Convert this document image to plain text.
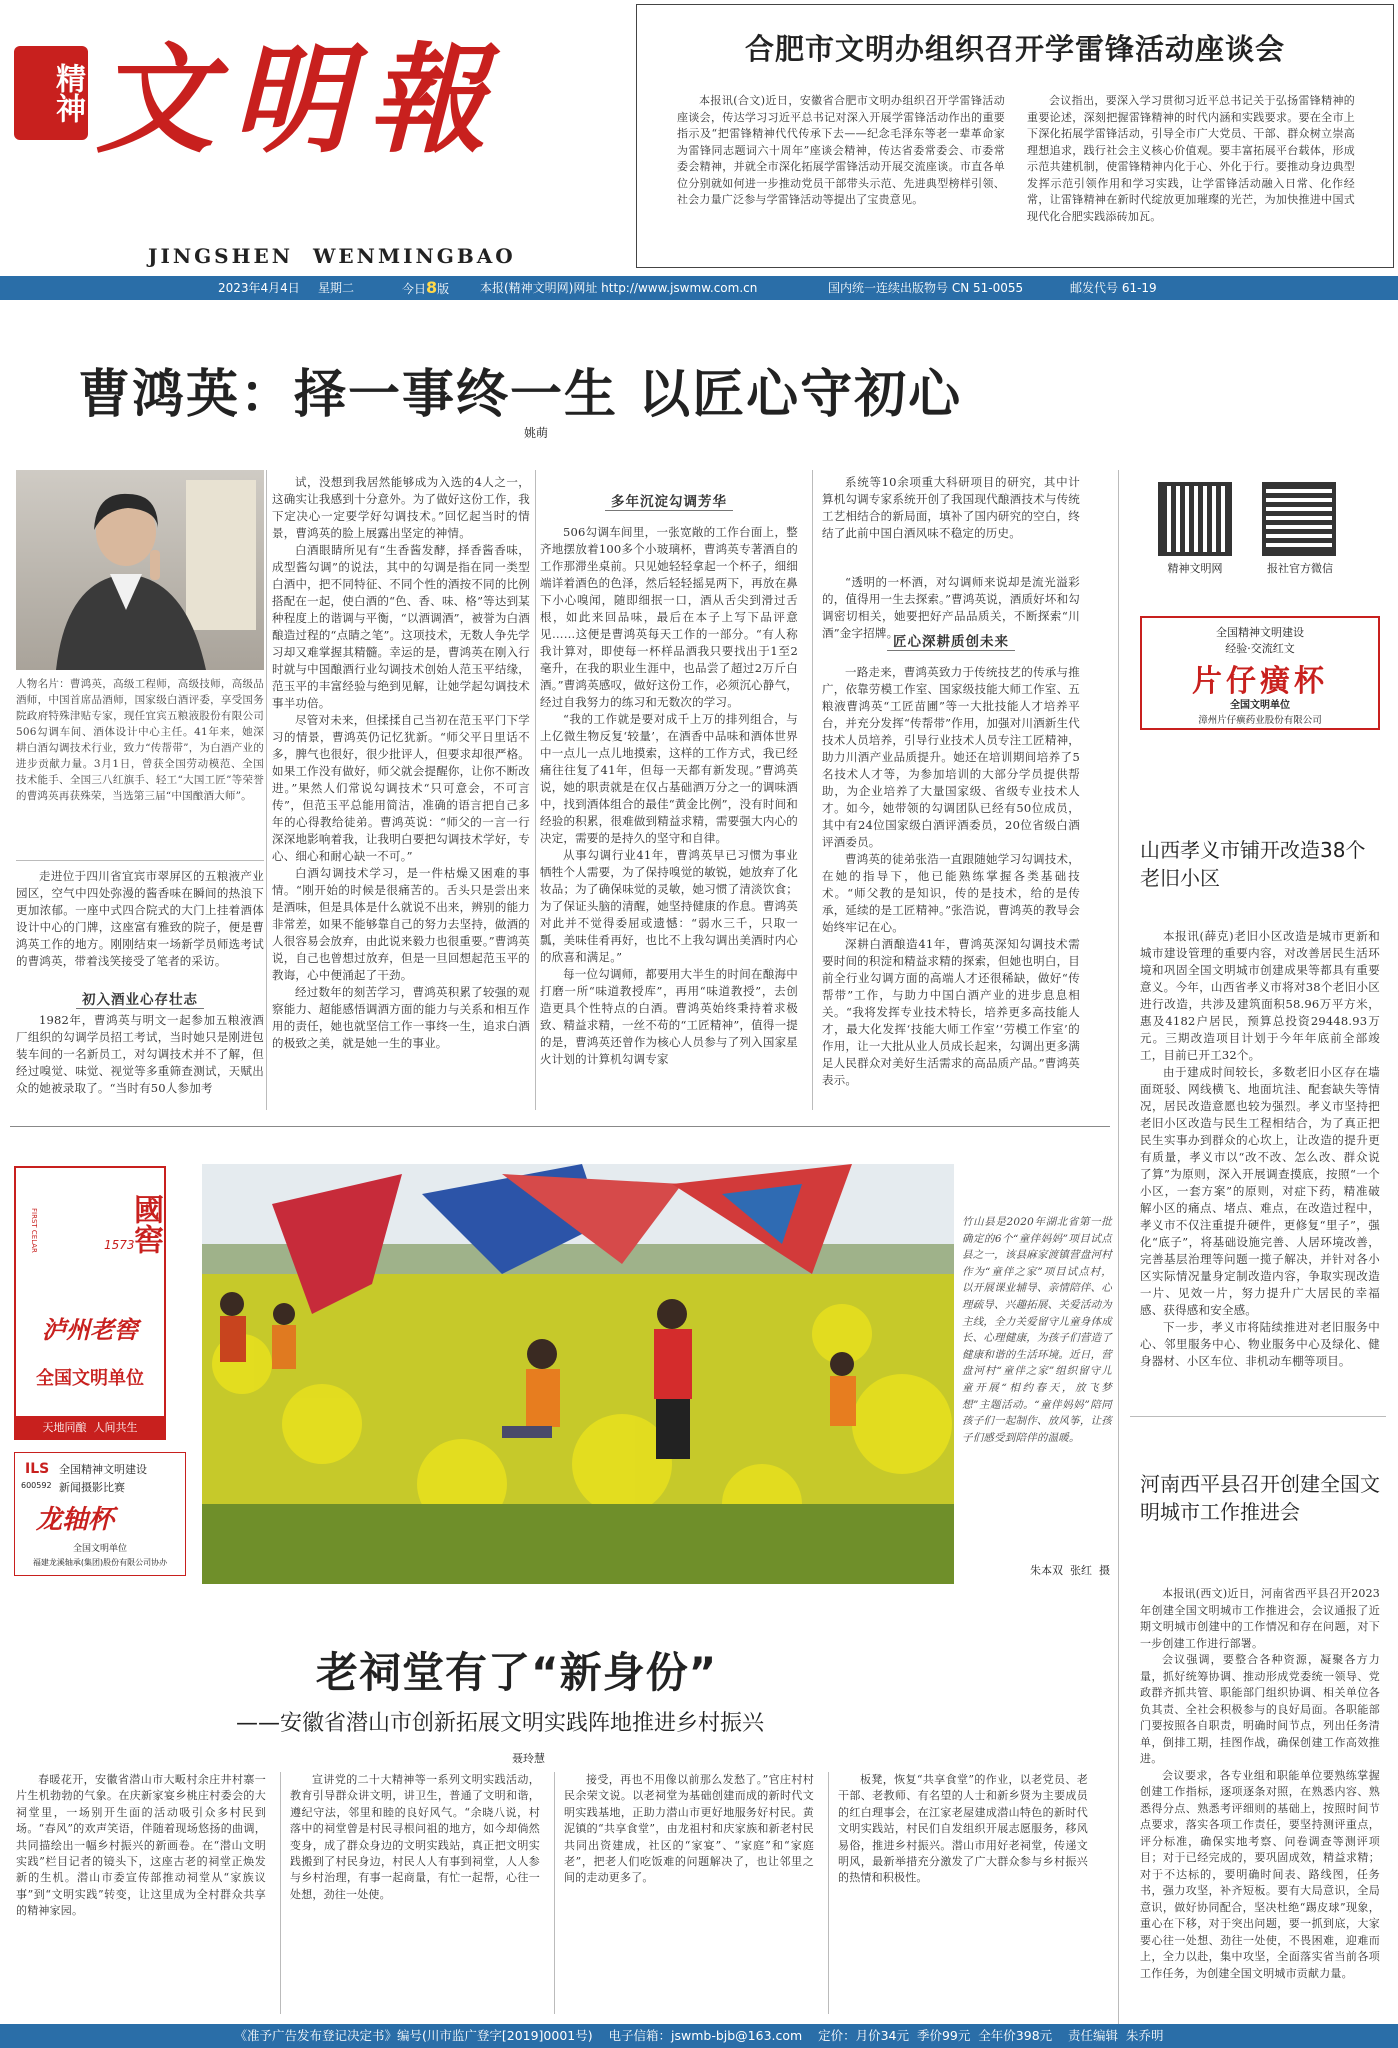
精神 文明報
JINGSHEN  WENMINGBAO
合肥市文明办组织召开学雷锋活动座谈会

本报讯(合文)近日，安徽省合肥市文明办组织召开学雷锋活动座谈会，传达学习习近平总书记对深入开展学雷锋活动作出的重要指示及“把雷锋精神代代传承下去——纪念毛泽东等老一辈革命家为雷锋同志题词六十周年”座谈会精神，传达省委常委会、市委常委会精神，并就全市深化拓展学雷锋活动开展交流座谈。市直各单位分别就如何进一步推动党员干部带头示范、先进典型榜样引领、社会力量广泛参与学雷锋活动等提出了宝贵意见。

会议指出，要深入学习贯彻习近平总书记关于弘扬雷锋精神的重要论述，深刻把握雷锋精神的时代内涵和实践要求。要在全市上下深化拓展学雷锋活动，引导全市广大党员、干部、群众树立崇高理想追求，践行社会主义核心价值观。要丰富拓展平台载体，形成示范共建机制，使雷锋精神内化于心、外化于行。要推动身边典型发挥示范引领作用和学习实践，让学雷锋活动融入日常、化作经常，让雷锋精神在新时代绽放更加璀璨的光芒，为加快推进中国式现代化合肥实践添砖加瓦。

2023年4月4日 星期二	今日8版	本报(精神文明网)网址 http://www.jswmw.com.cn	国内统一连续出版物号 CN 51-0055	邮发代号 61-19
曹鸿英：择一事终一生 以匠心守初心
姚萌
人物名片：曹鸿英，高级工程师，高级技师，高级品酒师，中国首席品酒师，国家级白酒评委，享受国务院政府特殊津贴专家，现任宜宾五粮液股份有限公司506勾调车间、酒体设计中心主任。41年来，她深耕白酒勾调技术行业，致力“传帮带”，为白酒产业的进步贡献力量。3月1日，曾获全国劳动模范、全国技术能手、全国三八红旗手、轻工“大国工匠”等荣誉的曹鸿英再获殊荣，当选第三届“中国酿酒大师”。

走进位于四川省宜宾市翠屏区的五粮液产业园区，空气中四处弥漫的酱香味在瞬间的热浪下更加浓郁。一座中式四合院式的大门上挂着酒体设计中心的门牌，这座富有雅致的院子，便是曹鸿英工作的地方。刚刚结束一场新学员师选考试的曹鸿英，带着浅笑接受了笔者的采访。

初入酒业心存壮志

1982年，曹鸿英与明文一起参加五粮液酒厂组织的勾调学员招工考试，当时她只是刚进包装车间的一名新员工，对勾调技术并不了解，但经过嗅觉、味觉、视觉等多重筛查测试，天赋出众的她被录取了。“当时有50人参加考

试，没想到我居然能够成为入选的4人之一，这确实让我感到十分意外。为了做好这份工作，我下定决心一定要学好勾调技术。”回忆起当时的情景，曹鸿英的脸上展露出坚定的神情。

白酒眼睛所见有“生香酱发酵，择香酱香味，成型酱勾调”的说法，其中的勾调是指在同一类型白酒中，把不同特征、不同个性的酒按不同的比例搭配在一起，使白酒的“色、香、味、格”等达到某种程度上的谐调与平衡，“以酒调酒”，被誉为白酒酿造过程的“点睛之笔”。这项技术，无数人争先学习却又难掌握其精髓。幸运的是，曹鸿英在刚入行时就与中国酿酒行业勾调技术创始人范玉平结缘，范玉平的丰富经验与绝到见解，让她学起勾调技术事半功倍。

尽管对未来，但揉揉自己当初在范玉平门下学习的情景，曹鸿英仍记忆犹新。“师父平日里话不多，脾气也很好，很少批评人，但要求却很严格。如果工作没有做好，师父就会提醒你，让你不断改进。”果然人们常说勾调技术“只可意会，不可言传”，但范玉平总能用简洁，准确的语言把自己多年的心得教给徒弟。曹鸿英说：“师父的一言一行深深地影响着我，让我明白要把勾调技术学好，专心、细心和耐心缺一不可。”

白酒勾调技术学习，是一件枯燥又困难的事情。“刚开始的时候是很痛苦的。舌头只是尝出来是酒味，但是具体是什么就说不出来，辨别的能力非常差，如果不能够靠自己的努力去坚持，做酒的人很容易会放弃，由此说来毅力也很重要。”曹鸿英说，自己也曾想过放弃，但是一旦回想起范玉平的教诲，心中便涌起了干劲。

经过数年的刻苦学习，曹鸿英积累了较强的观察能力、超能感悟调酒方面的能力与关系和相互作用的责任，她也就坚信工作一事终一生，追求白酒的极致之美，就是她一生的事业。

多年沉淀勾调芳华

506勾调车间里，一张宽敞的工作台面上，整齐地摆放着100多个小玻璃杯，曹鸿英专著酒自的工作那滞坐桌前。只见她轻轻拿起一个杯子，细细端详着酒色的色泽，然后轻轻摇晃两下，再放在鼻下小心嗅闻，随即细抿一口，酒从舌尖到滑过舌根，如此来回品味，最后在本子上写下品评意见……这便是曹鸿英每天工作的一部分。“有人称我计算对，即使每一杯样品酒我只要找出于1至2毫升，在我的职业生涯中，也品尝了超过2万斤白酒。”曹鸿英感叹，做好这份工作，必须沉心静气，经过自我努力的练习和无数次的学习。

“我的工作就是要对成千上万的排列组合，与上亿微生物反复‘较量’，在酒香中品味和酒体世界中一点儿一点儿地摸索，这样的工作方式，我已经痛往往复了41年，但每一天都有新发现。”曹鸿英说，她的职责就是在仅占基础酒万分之一的调味酒中，找到酒体组合的最佳“黄金比例”，没有时间和经验的积累，很难做到精益求精，需要强大内心的决定，需要的是持久的坚守和自律。

从事勾调行业41年，曹鸿英早已习惯为事业牺牲个人需要，为了保持嗅觉的敏锐，她放弃了化妆品；为了确保味觉的灵敏，她习惯了清淡饮食；为了保证头脑的清醒，她坚持健康的作息。曹鸿英对此并不觉得委屈或遗憾：“弱水三千，只取一瓢，美味佳肴再好，也比不上我勾调出美酒时内心的欣喜和满足。”

每一位勾调师，都要用大半生的时间在酿海中打磨一所“味道教授库”，再用“味道教授”，去创造更具个性特点的白酒。曹鸿英始终秉持着求极致、精益求精，一丝不苟的“工匠精神”，值得一提的是，曹鸿英还曾作为核心人员参与了列入国家星火计划的计算机勾调专家

系统等10余项重大科研项目的研究，其中计算机勾调专家系统开创了我国现代酿酒技术与传统工艺相结合的新局面，填补了国内研究的空白，终结了此前中国白酒风味不稳定的历史。

“透明的一杯酒，对勾调师来说却是流光溢彩的，值得用一生去探索。”曹鸿英说，酒质好坏和勾调密切相关，她要把好产品品质关，不断探索“川酒”金字招牌。

匠心深耕质创未来

一路走来，曹鸿英致力于传统技艺的传承与推广，依靠劳模工作室、国家级技能大师工作室、五粮液曹鸿英“工匠苗圃”等一大批技能人才培养平台，并充分发挥“传帮带”作用，加强对川酒新生代技术人员培养，引导行业技术人员专注工匠精神，助力川酒产业品质提升。她还在培训期间培养了5名技术人才等，为参加培训的大部分学员提供帮助，为企业培养了大量国家级、省级专业技术人才。如今，她带领的勾调团队已经有50位成员，其中有24位国家级白酒评酒委员，20位省级白酒评酒委员。

曹鸿英的徒弟张浩一直跟随她学习勾调技术，在她的指导下，他已能熟练掌握各类基础技术。“师父教的是知识，传的是技术，给的是传承，延续的是工匠精神。”张浩说，曹鸿英的教导会始终牢记在心。

深耕白酒酿造41年，曹鸿英深知勾调技术需要时间的积淀和精益求精的探索，但她也明白，目前全行业勾调方面的高端人才还很稀缺，做好“传帮带”工作，与助力中国白酒产业的进步息息相关。“我将发挥专业技术特长，培养更多高技能人才，最大化发挥‘技能大师工作室’‘劳模工作室’的作用，让一大批从业人员成长起来，勾调出更多满足人民群众对美好生活需求的高品质产品。”曹鸿英表示。

精神文明网	报社官方微信
全国精神文明建设
经验·交流红文
片仔癀杯
全国文明单位
漳州片仔癀药业股份有限公司
山西孝义市铺开改造38个老旧小区

本报讯(薛克)老旧小区改造是城市更新和城市建设管理的重要内容，对改善居民生活环境和巩固全国文明城市创建成果等都具有重要意义。今年，山西省孝义市将对38个老旧小区进行改造，共涉及建筑面积58.96万平方米，惠及4182户居民，预算总投资29448.93万元。三期改造项目计划于今年年底前全部竣工，目前已开工32个。

由于建成时间较长，多数老旧小区存在墙面斑驳、网线横飞、地面坑洼、配套缺失等情况，居民改造意愿也较为强烈。孝义市坚持把老旧小区改造与民生工程相结合，为了真正把民生实事办到群众的心坎上，让改造的提升更有质量，孝义市以“改不改、怎么改、群众说了算”为原则，深入开展调查摸底，按照“一个小区，一套方案”的原则，对症下药，精准破解小区的痛点、堵点、难点，在改造过程中，孝义市不仅注重提升硬件，更修复“里子”，强化“底子”，将基础设施完善、人居环境改善，完善基层治理等问题一揽子解决，并针对各小区实际情况量身定制改造内容，争取实现改造一片、见效一片，努力提升广大居民的幸福感、获得感和安全感。

下一步，孝义市将陆续推进对老旧服务中心、邻里服务中心、物业服务中心及绿化、健身器材、小区车位、非机动车棚等项目。

國窖
1573
FIRST CELAR
泸州老窖
全国文明单位
天地同酿  人间共生
ILS
600592
全国精神文明建设
新闻摄影比赛
龙轴杯
全国文明单位
福建龙溪轴承(集团)股份有限公司协办
竹山县是2020年湖北省第一批确定的6个“童伴妈妈”项目试点县之一，该县麻家渡镇营盘河村作为“童伴之家”项目试点村，以开展课业辅导、亲情陪伴、心理疏导、兴趣拓展、关爱活动为主线，全力关爱留守儿童身体成长、心理健康，为孩子们营造了健康和谐的生活环境。近日，营盘河村“童伴之家”组织留守儿童开展“相约春天，放飞梦想”主题活动。“童伴妈妈”陪同孩子们一起制作、放风筝，让孩子们感受到陪伴的温暖。
朱本双  张红  摄
河南西平县召开创建全国文明城市工作推进会

本报讯(西文)近日，河南省西平县召开2023年创建全国文明城市工作推进会，会议通报了近期文明城市创建中的工作情况和存在问题，对下一步创建工作进行部署。

会议强调，要整合各种资源，凝聚各方力量，抓好统筹协调、推动形成党委统一领导、党政群齐抓共管、职能部门组织协调、相关单位各负其责、全社会积极参与的良好局面。各职能部门要按照各自职责，明确时间节点，列出任务清单，倒排工期，挂图作战，确保创建工作高效推进。

会议要求，各专业组和职能单位要熟练掌握创建工作指标，逐项逐条对照，在熟悉内容、熟悉得分点、熟悉考评细则的基础上，按照时间节点要求，落实各项工作责任，要坚持测评重点，评分标准，确保实地考察、问卷调查等测评项目；对于已经完成的，要巩固成效，精益求精；对于不达标的，要明确时间表、路线图，任务书，强力攻坚，补齐短板。要有大局意识，全局意识，做好协同配合，坚决杜绝“踢皮球”现象，重心在下移，对于突出问题，要一抓到底，大家要心往一处想、劲往一处使，不畏困难，迎难而上，全力以赴，集中攻坚，全面落实省当前各项工作任务，为创建全国文明城市贡献力量。

老祠堂有了“新身份”
——安徽省潜山市创新拓展文明实践阵地推进乡村振兴
聂玲慧

春暖花开，安徽省潜山市大畈村余庄井村寨一片生机勃勃的气象。在庆新家宴乡桃庄村委会的大祠堂里，一场别开生面的活动吸引众多村民到场。“春风”的欢声笑语，伴随着现场悠扬的曲调，共同描绘出一幅乡村振兴的新画卷。在“潜山文明实践”栏目记者的镜头下，这座古老的祠堂正焕发新的生机。潜山市委宣传部推动祠堂从“家族议事”到“文明实践”转变，让这里成为全村群众共享的精神家园。

宣讲党的二十大精神等一系列文明实践活动，教育引导群众讲文明，讲卫生，普通了文明和谐，遵纪守法，邻里和睦的良好风气。“余晓八说，村落中的祠堂曾是村民寻根问祖的地方，如今却倘然变身，成了群众身边的文明实践站，真正把文明实践搬到了村民身边，村民人人有事到祠堂，人人参与乡村治理，有事一起商量，有忙一起帮，心往一处想，劲往一处使。

接受，再也不用像以前那么发愁了。”官庄村村民余荣文说。以老祠堂为基础创建而成的新时代文明实践基地，正助力潜山市更好地服务好村民。黄泥镇的“共享食堂”，由龙祖村和庆家族和新老村民共同出资建成，社区的“家宴”、“家庭”和“家庭老”，把老人们吃饭难的问题解决了，也让邻里之间的走动更多了。

板凳，恢复“共享食堂”的作业，以老党员、老干部、老教师、有名望的人士和新乡贤为主要成员的红白理事会，在江家老屋建成潜山特色的新时代文明实践站，村民们自发组织开展志愿服务，移风易俗，推进乡村振兴。潜山市用好老祠堂，传递文明风，最新举措充分激发了广大群众参与乡村振兴的热情和积极性。

《准予广告发布登记决定书》编号(川市监广登字[2019]0001号)    电子信箱：jswmb-bjb@163.com    定价：月价34元  季价99元  全年价398元    责任编辑  朱乔明
